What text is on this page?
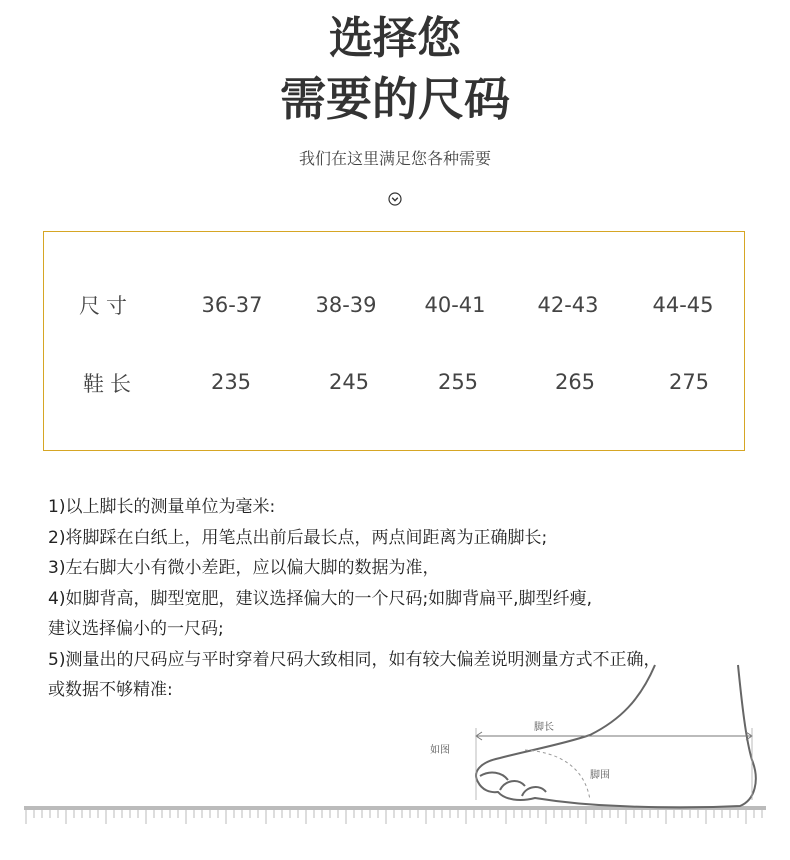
选择您
需要的尺码
我们在这里满足您各种需要
尺寸	36-37	38-39	40-41	42-43	44-45
鞋长	235	245	255	265	275

1)以上脚长的测量单位为毫米:

2)将脚踩在白纸上，用笔点出前后最长点，两点间距离为正确脚长;

3)左右脚大小有微小差距，应以偏大脚的数据为准，

4)如脚背高，脚型宽肥，建议选择偏大的一个尺码;如脚背扁平,脚型纤瘦,

建议选择偏小的一尺码;

5)测量出的尺码应与平时穿着尺码大致相同，如有较大偏差说明测量方式不正确，

或数据不够精准:

脚长
如图
脚围
